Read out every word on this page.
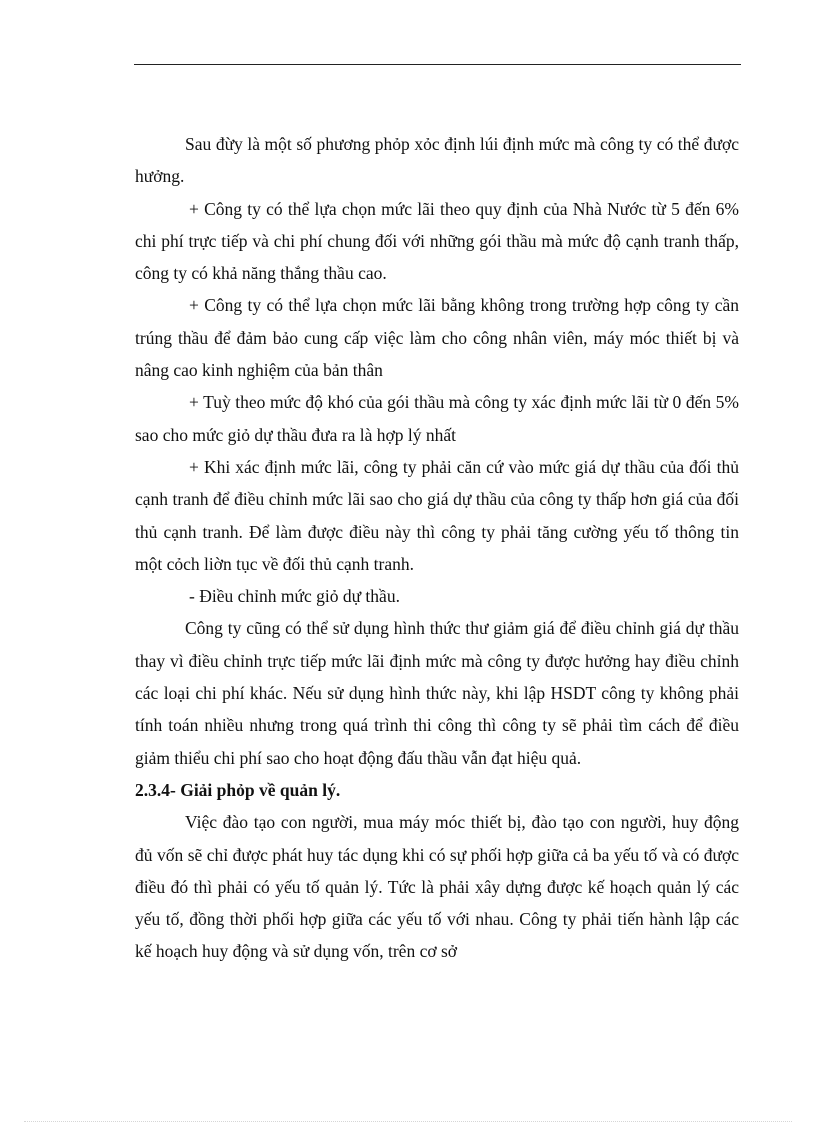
Sau đừy là một số phương phỏp xỏc định lúi định mức mà công ty có thể được hưởng.

+ Công ty có thể lựa chọn mức lãi theo quy định của Nhà Nước từ 5 đến 6% chi phí trực tiếp và chi phí chung đối với những gói thầu mà mức độ cạnh tranh thấp, công ty có khả năng thắng thầu cao.

+ Công ty có thể lựa chọn mức lãi bằng không trong trường hợp công ty cần trúng thầu để đảm bảo cung cấp việc làm cho công nhân viên, máy móc thiết bị và nâng cao kinh nghiệm của bản thân

+ Tuỳ theo mức độ khó của gói thầu mà công ty xác định mức lãi từ 0 đến 5% sao cho mức giỏ dự thầu đưa ra là hợp lý nhất

+ Khi xác định mức lãi, công ty phải căn cứ vào mức giá dự thầu của đối thủ cạnh tranh để điều chỉnh mức lãi sao cho giá dự thầu của công ty thấp hơn giá của đối thủ cạnh tranh. Để làm được điều này thì công ty phải tăng cường yếu tố thông tin một cỏch liờn tục về đối thủ cạnh tranh.

- Điều chỉnh mức giỏ dự thầu.

Công ty cũng có thể sử dụng hình thức thư giảm giá để điều chỉnh giá dự thầu thay vì điều chỉnh trực tiếp mức lãi định mức mà công ty được hưởng hay điều chỉnh các loại chi phí khác. Nếu sử dụng hình thức này, khi lập HSDT công ty không phải tính toán nhiều nhưng trong quá trình thi công thì công ty sẽ phải tìm cách để điều giảm thiểu chi phí sao cho hoạt động đấu thầu vẫn đạt hiệu quả.

2.3.4- Giải phỏp về quản lý.

Việc đào tạo con người, mua máy móc thiết bị, đào tạo con người, huy động đủ vốn sẽ chỉ được phát huy tác dụng khi có sự phối hợp giữa cả ba yếu tố và có được điều đó thì phải có yếu tố quản lý. Tức là phải xây dựng được kế hoạch quản lý các yếu tố, đồng thời phối hợp giữa các yếu tố với nhau. Công ty phải tiến hành lập các kế hoạch huy động và sử dụng vốn, trên cơ sở
